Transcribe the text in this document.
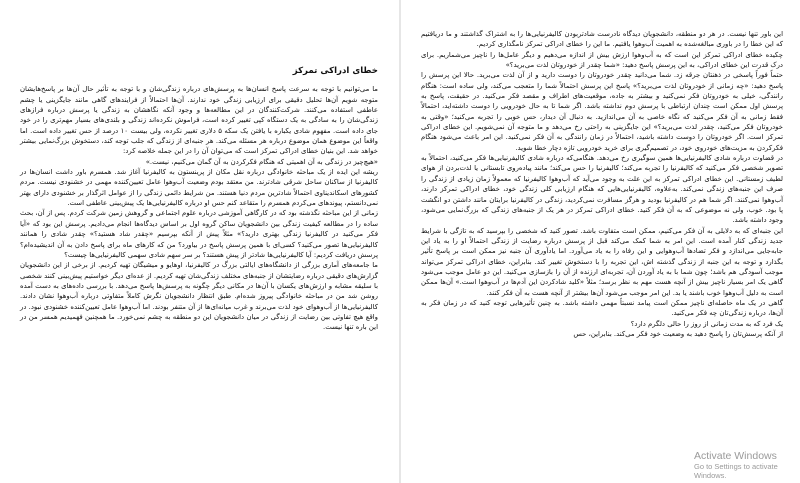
خطای ادراکی تمرکز

ما می‌توانیم با توجه به سرعت پاسخ انسان‌ها به پرسش‌های درباره زندگی‌شان و با توجه به تأثیر حال آن‌ها بر پاسخ‌هایشان متوجه شویم آن‌ها تحلیل دقیقی برای ارزیابی زندگی خود ندارند. آن‌ها احتمالاً از فرایندهای گاهی مانند جایگزینی یا چشم عاطفی استفاده می‌کنند. شرکت‌کنندگان در این مطالعه‌ها و وجود آنکه نگاهشان به زندگی یا پرسش درباره فرازهای زندگی‌شان را به سادگی به یک دستگاه کپی تغییر کرده است، فراموش نکرده‌اند زندگی و بلندی‌های بسیار مهم‌تری را در خود جای داده است. مفهوم شادی یکباره با یافتن یک سکه ۵ دلاری تغییر نکرده، ولی بیست ۱۰ درصد از حس تغییر داده است. اما واقعاً این موضوع همان موضوع درباره هر مسئله می‌کند. هر جنبه‌ای از زندگی که جلب توجه کند، دستخوش بزرگ‌نمایی بیشتر خواهد شد. این بنیان خطای ادراکی تمرکز است که می‌توان آن را در این جمله خلاصه کرد:

«هیچ‌چیز در زندگی به آن اهمیتی که هنگام فکرکردن به آن گمان می‌کنیم، نیست.»

ریشه این ایده از یک مباحثه خانوادگی درباره نقل مکان از پرینستون به کالیفرنیا آغاز شد. همسرم باور داشت انسان‌ها در کالیفرنیا از ساکنان ساحل شرقی شادترند. من معتقد بودم وضعیت آب‌وهوا عامل تعیین‌کننده مهمی در خشنودی نیست. مردم کشورهای اسکاندیناوی احتمالاً شادترین مردم دنیا هستند. من شرایط دائمی زندگی را از عوامل اثرگذار بر خشنودی دارای بهتر نمی‌دانستم، پیوندهای می‌کردم همسرم را متقاعد کنم حس او درباره کالیفرنیایی‌ها یک پیش‌بینی عاطفی است.

زمانی از این مباحثه نگذشته بود که در کارگاهی آموزشی درباره علوم اجتماعی و گروهش زمین شرکت کردم. پس از آن، بحث ساده را در مطالعه کیفیت زندگی بین دانشجویان ساکن گروه اول بر اساس دیدگاه‌ها انجام می‌دادیم. پرسش این بود که «آیا فکر می‌کنید در کالیفرنیا زندگی بهتری دارید؟» مثلاً پیش از آنکه بپرسیم «چقدر شاد هستید؟» چقدر شادی را همانند کالیفرنیایی‌ها تصور می‌کنید؟ کسی‌ای با همین پرسش پاسخ در بیاورد؟ من که کارهای ماه برای پاسخ دادن به آن اندیشیده‌ام؟ پرسش دریافت کردیم: آیا کالیفرنیایی‌ها شادتر از پیش هستند؟ بر سر سهم شادی سهمی کالیفرنیایی‌ها چیست؟

ما جامعه‌های آماری بزرگی از دانشگاه‌های ایالتی بزرگ در کالیفرنیا، اوهایو و میشیگان تهیه کردیم. از برخی از این دانشجویان گزارش‌های دقیقی درباره رضایتشان از جنبه‌های مختلف زندگی‌شان تهیه کردیم. از عده‌ای دیگر خواستیم پیش‌بینی کنند شخصی با سلیقه مشابه و ارزش‌های یکسان با آن‌ها در مکانی دیگر چگونه به پرسش‌ها پاسخ می‌دهد. با بررسی داده‌های به دست آمده روشن شد من در مباحثه خانوادگی پیروز شده‌ام. طبق انتظار دانشجویان نگرش کاملاً متفاوتی درباره آب‌وهوا نشان دادند. کالیفرنیایی‌ها از آب‌وهوای خود لذت می‌برند و غرب میانه‌ای‌ها از آن متنفر بودند. اما آب‌وهوا عامل تعیین‌کننده خشنودی نبود. در واقع هیچ تفاوتی بین رضایت از زندگی در میان دانشجویان این دو منطقه به چشم نمی‌خورد. ما همچنین فهمیدیم همسر من در این باره تنها نیست.

این باور تنها نیست. در هر دو منطقه، دانشجویان دیدگاه نادرست شادتربودن کالیفرنیایی‌ها را به اشتراک گذاشتند و ما دریافتیم که این خطا را در باوری مبالغه‌شده به اهمیت آب‌وهوا یافتیم. ما این را خطای ادراکی تمرکز نامگذاری کردیم.

چکیده خطای ادراکی تمرکز این است که به آب‌وهوا ارزش بیش از اندازه می‌دهیم و دیگر عامل‌ها را ناچیز می‌شماریم. برای درک قدرت این خطای ادراکی، به این پرسش پاسخ دهید: «شما چقدر از خودروتان لذت می‌برید؟»

حتماً فوراً پاسخی در ذهنتان جرقه زد. شما می‌دانید چقدر خودروتان را دوست دارید و از آن لذت می‌برید. حالا این پرسش را پاسخ دهید: «چه زمانی از خودروتان لذت می‌برید؟» پاسخ این پرسش احتمالاً شما را متعجب می‌کند، ولی ساده است: هنگام رانندگی، خیلی به خودروتان فکر نمی‌کنید و بیشتر به جاده، موقعیت‌های اطراف و مقصد فکر می‌کنید. در حقیقت، پاسخ به پرسش اول ممکن است چندان ارتباطی با پرسش دوم نداشته باشد. اگر شما تا به حال خودرویی را دوست داشته‌اید، احتمالاً فقط زمانی به آن فکر می‌کنید که نگاه خاصی به آن می‌اندازید. به دنبال آن دیدار، حس خوبی را تجربه می‌کنید؛ «وقتی به خودروتان فکر می‌کنید، چقدر لذت می‌برید؟» این جایگزینی به راحتی رخ می‌دهد و ما متوجه آن نمی‌شویم. این خطای ادراکی تمرکز است. اگر خودروتان را دوست داشته باشید، احتمالاً در زمان رانندگی به آن فکر نمی‌کنید. این امر باعث می‌شود هنگام فکرکردن به مزیت‌های خودروی خود، در تصمیم‌گیری برای خرید خودرویی تازه دچار خطا شوید.

در قضاوت درباره شادی کالیفرنیایی‌ها همین سوگیری رخ می‌دهد. هنگامی‌که درباره شادی کالیفرنیایی‌ها فکر می‌کنید، احتمالاً به تصویر شخصی فکر می‌کنید که کالیفرنیا را تجربه می‌کند؛ کالیفرنیا را حس می‌کند؛ مانند پیاده‌روی تابستانی یا لذت‌بردن از هوای لطیف زمستانی. این خطای ادراکی تمرکز به این علت به وجود می‌آید که آب‌وهوا کالیفرنیا که معمولاً زمان زیادی از زندگی را صرف این جنبه‌های زندگی نمی‌کند. به‌علاوه، کالیفرنیایی‌هایی که هنگام ارزیابی کلی زندگی خود، خطای ادراکی تمرکز دارند، آب‌وهوا نمی‌کنند. اگر شما هم در کالیفرنیا بودید و هرگز مسافرت نمی‌کردید، زندگی در کالیفرنیا برایتان مانند داشتن دو انگشت پا بود. خوب، ولی نه موضوعی که به آن فکر کنید. خطای ادراکی تمرکز در هر یک از جنبه‌های زندگی که بزرگ‌نمایی می‌شود، وجود داشته باشد.

این جنبه‌ای که به دلایلی به آن فکر می‌کنیم، ممکن است متفاوت باشد. تصور کنید که شخصی را بپرسید که به تازگی با شرایط جدید زندگی کنار آمده است. این امر به شما کمک می‌کند قبل از پرسش درباره رضایت از زندگی احتمالاً او را به یاد این جابه‌جایی می‌اندازد و فکر تضادها آب‌وهوایی و این رفاه را به یاد می‌آورد. اما یادآوری آن جنبه نیز ممکن است بر پاسخ تأثیر بگذارد و توجه به این جنبه از زندگی گذشته اش، این تجربه را با دستخوش تغییر کند. بنابراین، خطای ادراکی تمرکز می‌تواند موجب آسودگی هم باشد؛ چون شما با به یاد آوردن آن، تجربه‌ای ارزنده از آن را بازسازی می‌کنید. این دو عامل موجب می‌شود گاهی یک امر بسیار ناچیز بیش از آنچه هست مهم به نظر برسد؛ مثلاً «کلید شادکردن این آدم‌ها در آب‌وهوا است.» آن‌ها ممکن است به دلیل آب‌وهوا خوب باشند یا بد. این امر موجب می‌شود آن‌ها بیشتر از آنچه هست به آن فکر کنند.

گاهی در یک ماه حاصله‌ای ناچیز ممکن است پیامد نسبتاً مهمی داشته باشد. به چنین تأثیرهایی توجه کنید که در زمان فکر به آن‌ها، درباره زندگی‌تان چه فکر می‌کنید.

یک فرد که به مدت زمانی از روز را حالی دلگرم دارد؟

از آنکه پرسش‌تان را پاسخ دهید به وضعیت خود فکر می‌کند. بنابراین، حس

Activate Windows
Go to Settings to activate Windows.
